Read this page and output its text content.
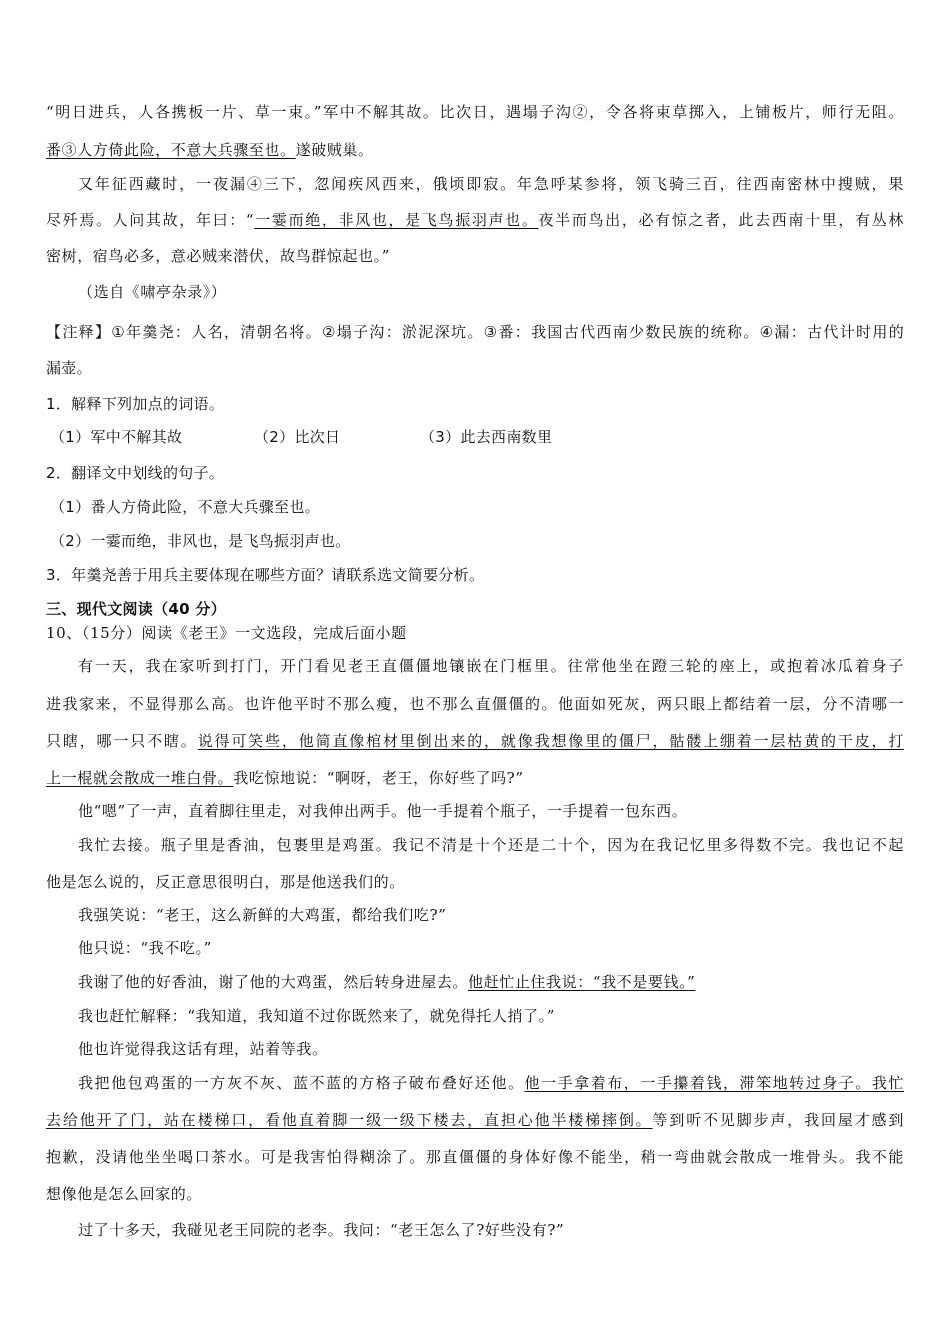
“明日进兵，人各携板一片、草一束。”军中不解其故。比次日，遇塌子沟②，令各将束草掷入，上铺板片，师行无阻。
番③人方倚此险，不意大兵骤至也。遂破贼巢。
又年征西藏时，一夜漏④三下，忽闻疾风西来，俄顷即寂。年急呼某参将，领飞骑三百，往西南密林中搜贼，果
尽歼焉。人问其故，年曰：“一霎而绝，非风也，是飞鸟振羽声也。夜半而鸟出，必有惊之者，此去西南十里，有丛林
密树，宿鸟必多，意必贼来潜伏，故鸟群惊起也。”
（选自《啸亭杂录》）
【注释】①年羹尧：人名，清朝名将。②塌子沟：淤泥深坑。③番：我国古代西南少数民族的统称。④漏：古代计时用的
漏壶。
1．解释下列加点的词语。
（1）军中不解其故	（2）比次日	（3）此去西南数里
2．翻译文中划线的句子。
（1）番人方倚此险，不意大兵骤至也。
（2）一霎而绝，非风也，是飞鸟振羽声也。
3．年羹尧善于用兵主要体现在哪些方面？请联系选文简要分析。
三、现代文阅读（40 分）
10、（15分）阅读《老王》一文选段，完成后面小题
有一天，我在家听到打门，开门看见老王直僵僵地镶嵌在门框里。往常他坐在蹬三轮的座上，或抱着冰瓜着身子
进我家来，不显得那么高。也许他平时不那么瘦，也不那么直僵僵的。他面如死灰，两只眼上都结着一层，分不清哪一
只瞎，哪一只不瞎。说得可笑些，他简直像棺材里倒出来的，就像我想像里的僵尸，骷髅上绷着一层枯黄的干皮，打
上一棍就会散成一堆白骨。我吃惊地说：“啊呀，老王，你好些了吗?”
他“嗯”了一声，直着脚往里走，对我伸出两手。他一手提着个瓶子，一手提着一包东西。
我忙去接。瓶子里是香油，包裹里是鸡蛋。我记不清是十个还是二十个，因为在我记忆里多得数不完。我也记不起
他是怎么说的，反正意思很明白，那是他送我们的。
我强笑说：“老王，这么新鲜的大鸡蛋，都给我们吃?”
他只说：“我不吃。”
我谢了他的好香油，谢了他的大鸡蛋，然后转身进屋去。他赶忙止住我说：“我不是要钱。”
我也赶忙解释：“我知道，我知道不过你既然来了，就免得托人捎了。”
他也许觉得我这话有理，站着等我。
我把他包鸡蛋的一方灰不灰、蓝不蓝的方格子破布叠好还他。他一手拿着布，一手攥着钱，滞笨地转过身子。我忙
去给他开了门，站在楼梯口，看他直着脚一级一级下楼去，直担心他半楼梯摔倒。等到听不见脚步声，我回屋才感到
抱歉，没请他坐坐喝口茶水。可是我害怕得糊涂了。那直僵僵的身体好像不能坐，稍一弯曲就会散成一堆骨头。我不能
想像他是怎么回家的。
过了十多天，我碰见老王同院的老李。我问：“老王怎么了?好些没有?”
